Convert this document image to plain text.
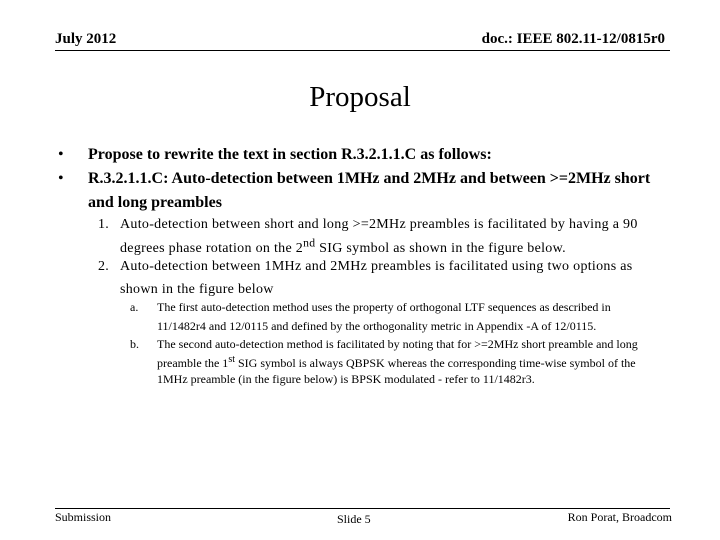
July 2012	doc.: IEEE 802.11-12/0815r0
Proposal
• Propose to rewrite the text in section R.3.2.1.1.C as follows:
• R.3.2.1.1.C: Auto-detection between 1MHz and 2MHz and between >=2MHz short and long preambles
1. Auto-detection between short and long >=2MHz preambles is facilitated by having a 90 degrees phase rotation on the 2nd SIG symbol as shown in the figure below.
2. Auto-detection between 1MHz and 2MHz preambles is facilitated using two options as shown in the figure below
a. The first auto-detection method uses the property of orthogonal LTF sequences as described in 11/1482r4 and 12/0115 and defined by the orthogonality metric in Appendix -A of 12/0115.
b. The second auto-detection method is facilitated by noting that for >=2MHz short preamble and long preamble the 1st SIG symbol is always QBPSK whereas the corresponding time-wise symbol of the 1MHz preamble (in the figure below) is BPSK modulated - refer to 11/1482r3.
Submission	Slide 5	Ron Porat, Broadcom
